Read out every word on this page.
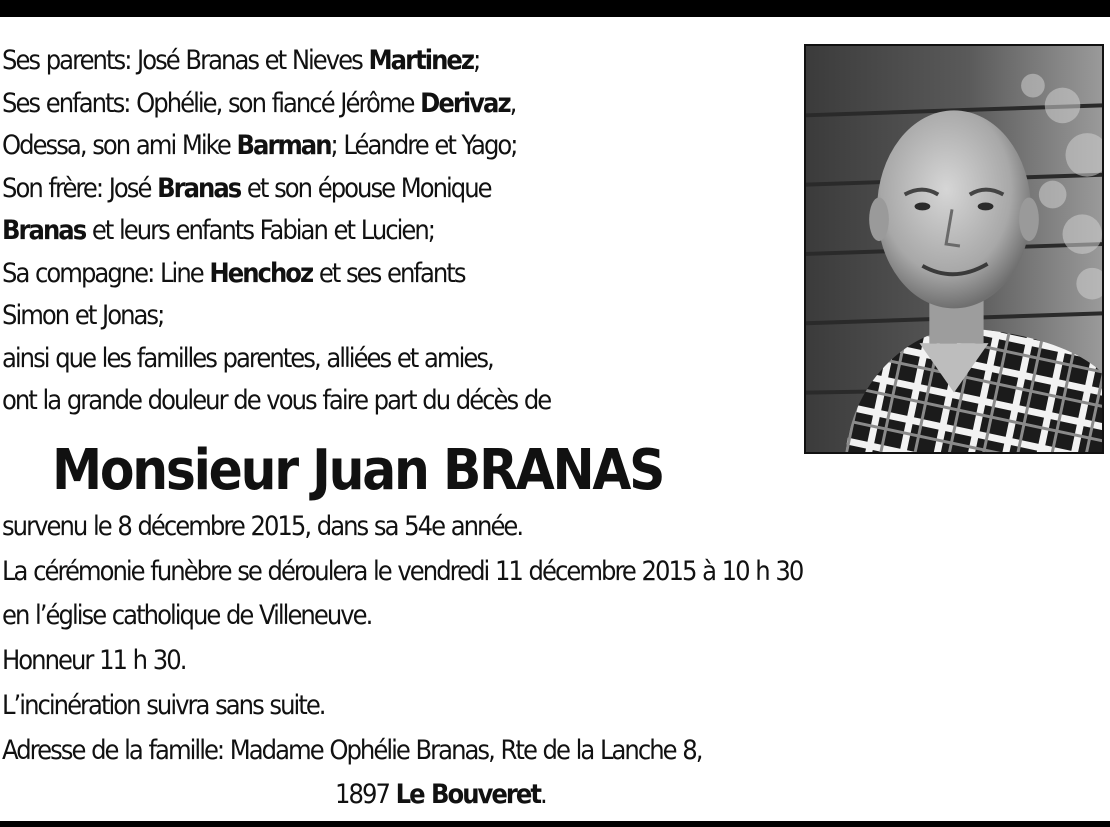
Ses parents: José Branas et Nieves Martinez;
Ses enfants: Ophélie, son fiancé Jérôme Derivaz,
Odessa, son ami Mike Barman; Léandre et Yago;
Son frère: José Branas et son épouse Monique
Branas et leurs enfants Fabian et Lucien;
Sa compagne: Line Henchoz et ses enfants
Simon et Jonas;
ainsi que les familles parentes, alliées et amies,
ont la grande douleur de vous faire part du décès de
Monsieur Juan BRANAS
survenu le 8 décembre 2015, dans sa 54e année.
La cérémonie funèbre se déroulera le vendredi 11 décembre 2015 à 10 h 30
en l’église catholique de Villeneuve.
Honneur 11 h 30.
L’incinération suivra sans suite.
Adresse de la famille: Madame Ophélie Branas, Rte de la Lanche 8,
1897 Le Bouveret.
